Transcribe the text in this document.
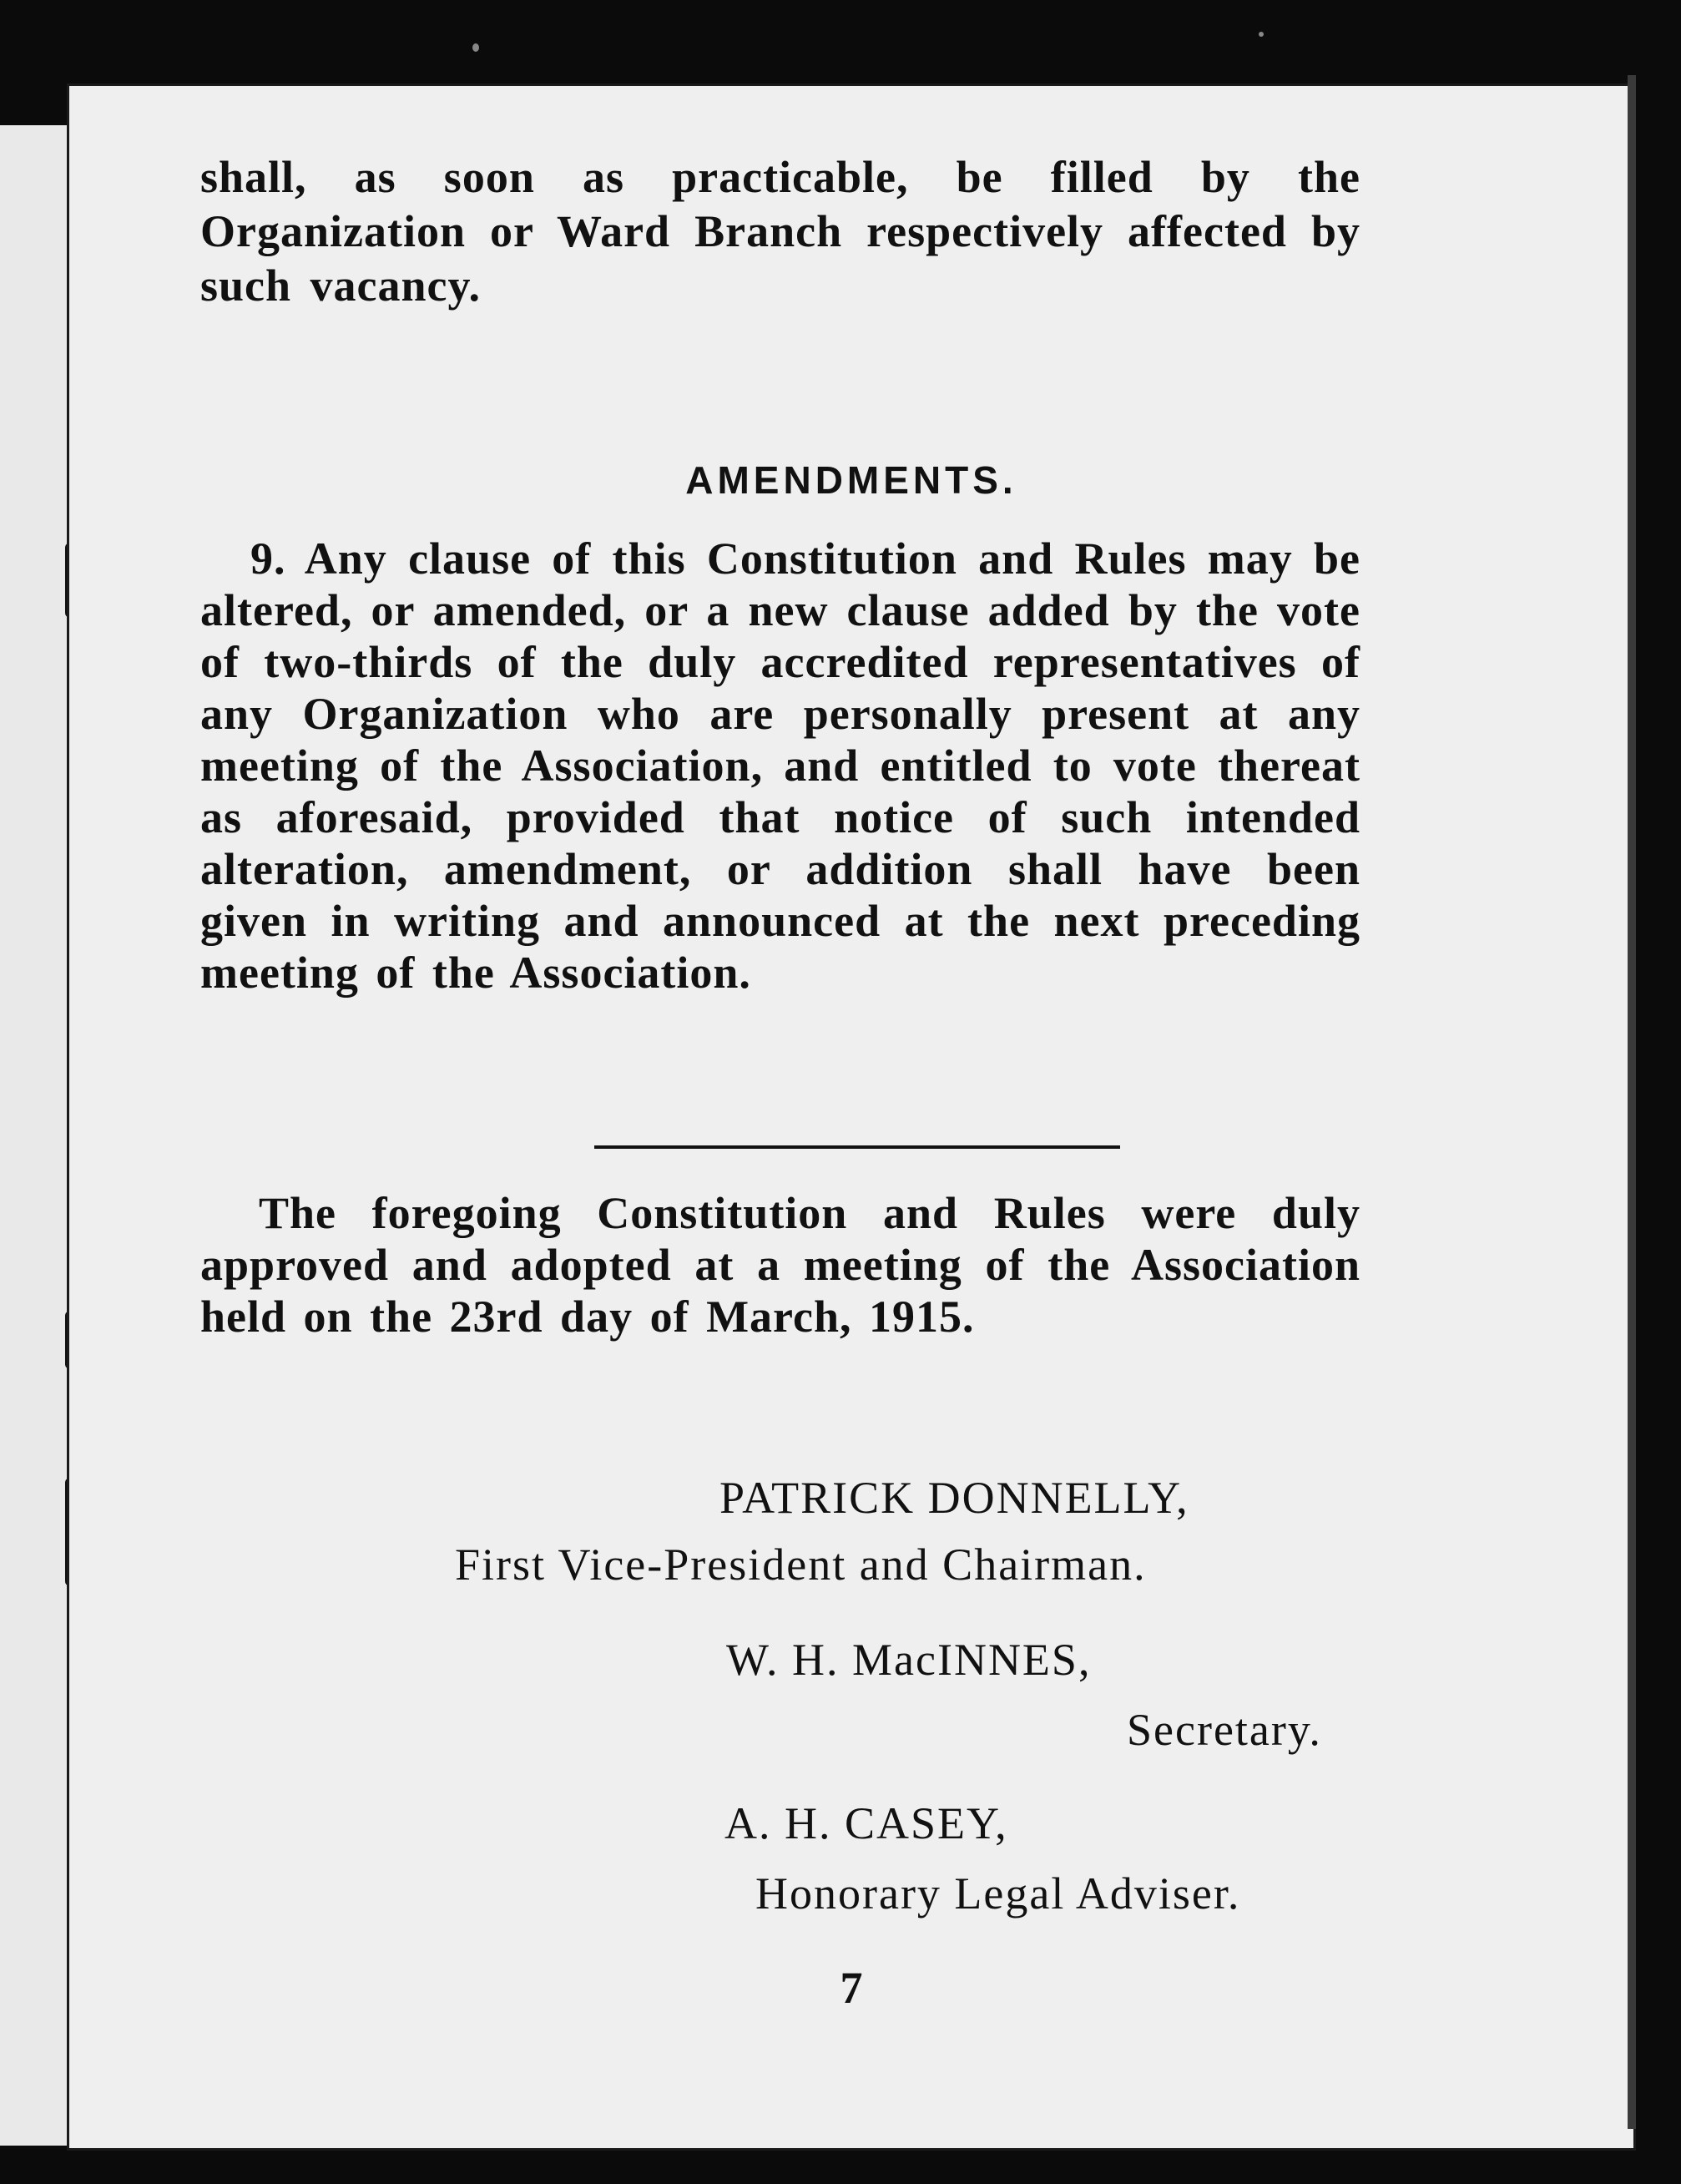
shall, as soon as practicable, be filled by the Organization or Ward Branch respectively affected by such vacancy.
AMENDMENTS.
9. Any clause of this Constitution and Rules may be altered, or amended, or a new clause added by the vote of two-thirds of the duly accredited representatives of any Organization who are personally present at any meeting of the Association, and entitled to vote thereat as aforesaid, provided that notice of such intended alteration, amendment, or addition shall have been given in writing and announced at the next preceding meeting of the Association.
The foregoing Constitution and Rules were duly approved and adopted at a meeting of the Association held on the 23rd day of March, 1915.
PATRICK DONNELLY,
First Vice-President and Chairman.
W. H. MacINNES,
Secretary.
A. H. CASEY,
Honorary Legal Adviser.
7
